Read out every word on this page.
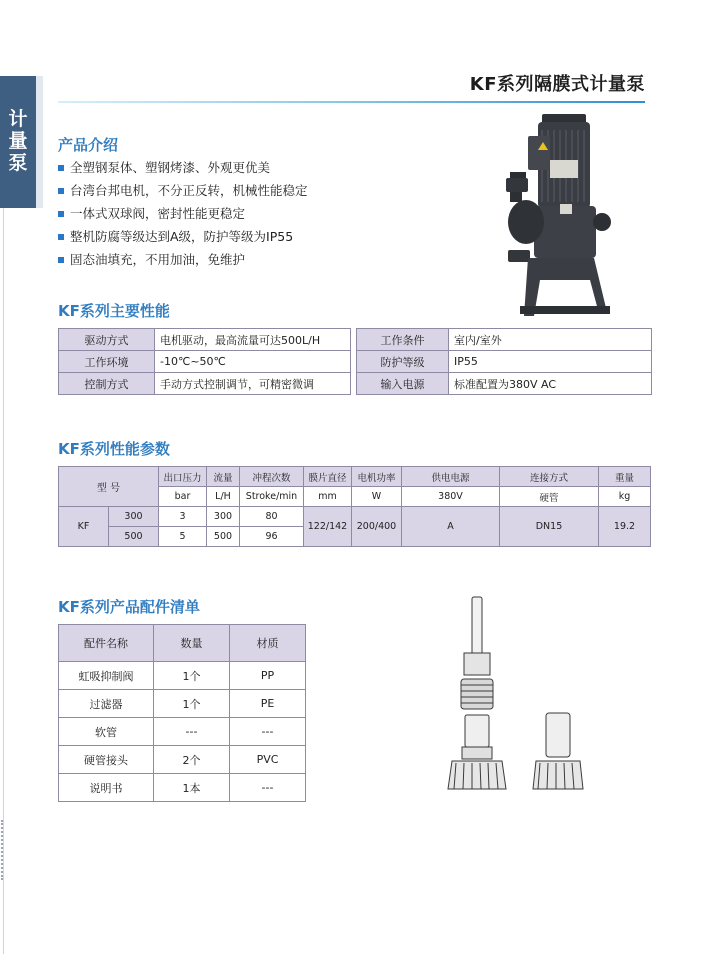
计量泵
KF系列隔膜式计量泵
产品介绍
全塑钢泵体、塑钢烤漆、外观更优美
台湾台邦电机，不分正反转，机械性能稳定
一体式双球阀，密封性能更稳定
整机防腐等级达到A级，防护等级为IP55
固态油填充，不用加油，免维护
KF系列主要性能
驱动方式	电机驱动，最高流量可达500L/H
工作环境	-10℃~50℃
控制方式	手动方式控制调节，可精密微调
工作条件	室内/室外
防护等级	IP55
输入电源	标准配置为380V AC
KF系列性能参数
型 号		出口压力	流量	冲程次数	膜片直径	电机功率	供电电源	连接方式	重量
		bar	L/H	Stroke/min	mm	W	380V	硬管	kg
KF	300	3	300	80	122/142	200/400	A	DN15	19.2
	500	5	500	96					
KF系列产品配件清单
配件名称	数量	材质
虹吸抑制阀	1个	PP
过滤器	1个	PE
软管	---	---
硬管接头	2个	PVC
说明书	1本	---
